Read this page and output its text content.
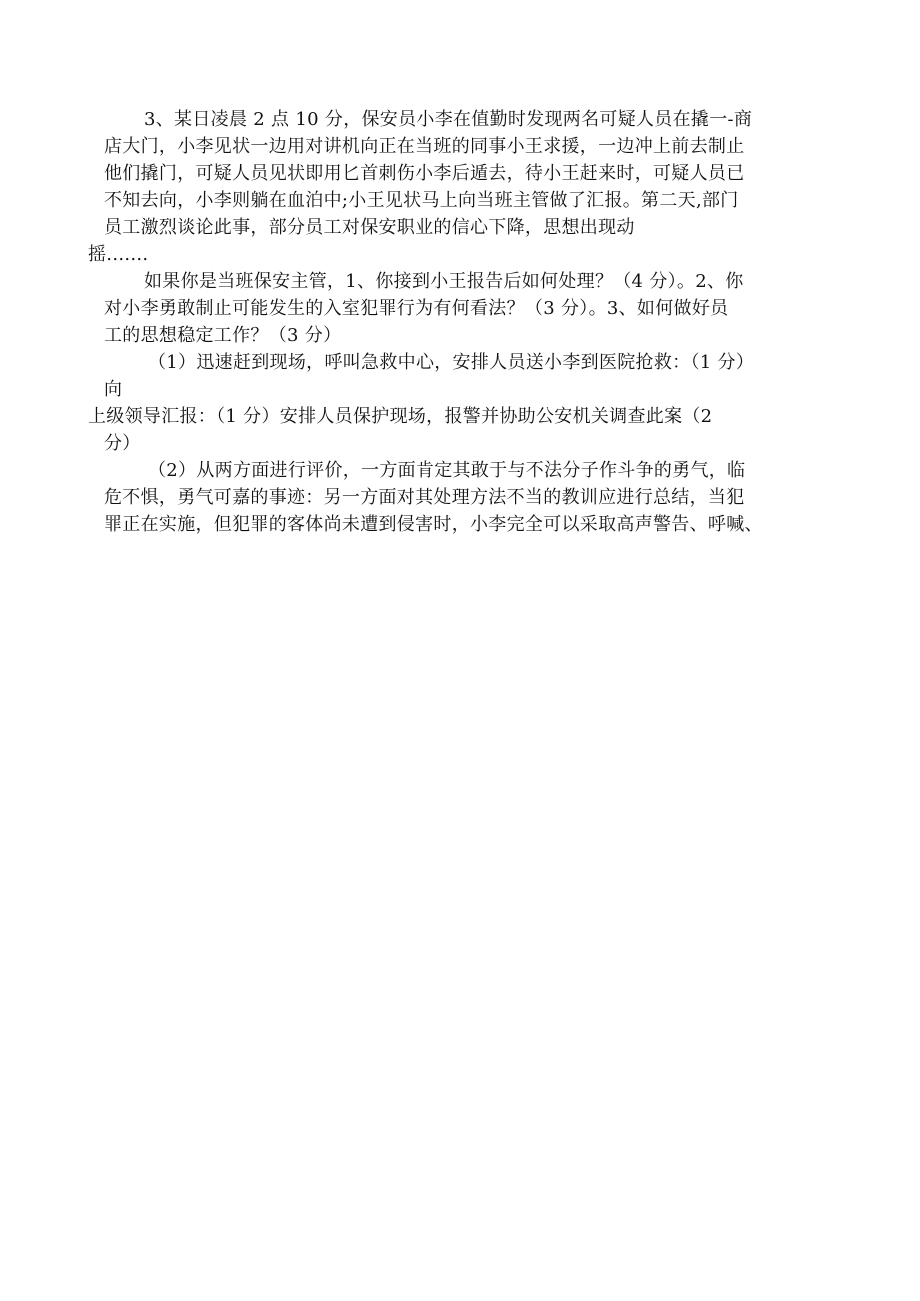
3、某日凌晨 2 点 10 分，保安员小李在值勤时发现两名可疑人员在撬一-商
店大门，小李见状一边用对讲机向正在当班的同事小王求援，一边冲上前去制止
他们撬门，可疑人员见状即用匕首刺伤小李后遁去，待小王赶来时，可疑人员已
不知去向，小李则躺在血泊中;小王见状马上向当班主管做了汇报。第二天,部门
员工激烈谈论此事，部分员工对保安职业的信心下降，思想出现动
摇.......
如果你是当班保安主管，1、你接到小王报告后如何处理？（4 分）。2、你
对小李勇敢制止可能发生的入室犯罪行为有何看法？（3 分）。3、如何做好员
工的思想稳定工作？（3 分）
（1）迅速赶到现场，呼叫急救中心，安排人员送小李到医院抢救：（1 分）
向
上级领导汇报：（1 分）安排人员保护现场，报警并协助公安机关调查此案（2
分）
（2）从两方面进行评价，一方面肯定其敢于与不法分子作斗争的勇气，临
危不惧，勇气可嘉的事迹：另一方面对其处理方法不当的教训应进行总结，当犯
罪正在实施，但犯罪的客体尚未遭到侵害时，小李完全可以采取高声警告、呼喊、
